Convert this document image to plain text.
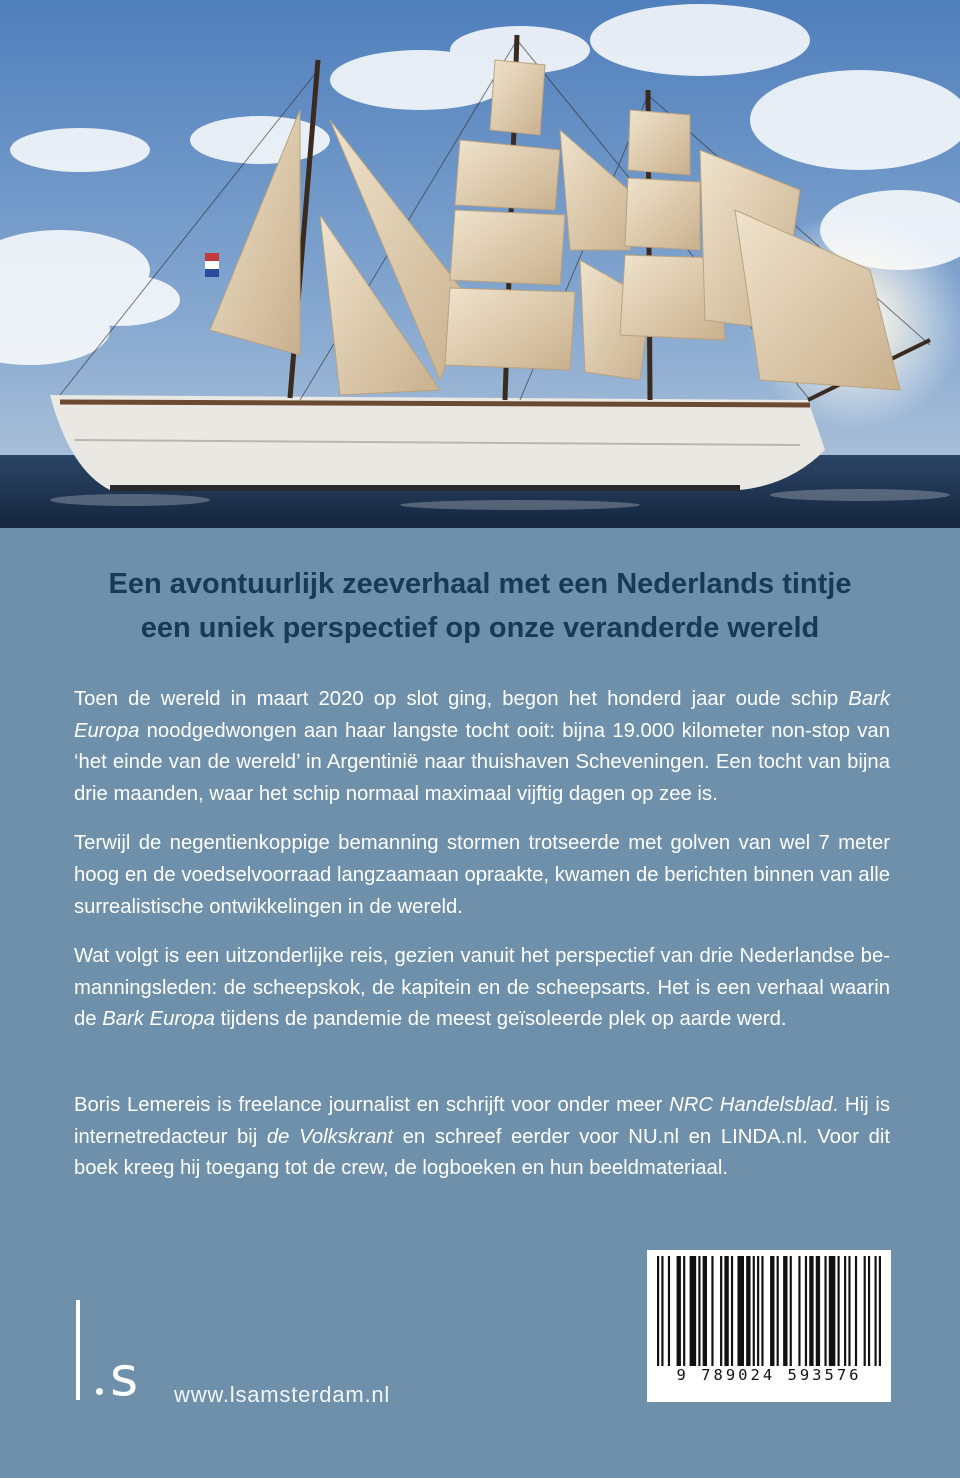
Een avontuurlijk zeeverhaal met een Nederlands tintje
een uniek perspectief op onze veranderde wereld

Toen de wereld in maart 2020 op slot ging, begon het honderd jaar oude schip Bark Europa noodgedwongen aan haar langste tocht ooit: bijna 19.000 kilometer non-stop van ‘het einde van de wereld’ in Argentinië naar thuishaven Scheveningen. Een tocht van bijna drie maanden, waar het schip normaal maximaal vijftig dagen op zee is.

Terwijl de negentienkoppige bemanning stormen trotseerde met golven van wel 7 meter hoog en de voedselvoorraad langzaamaan opraakte, kwamen de berichten binnen van alle surrealistische ontwikkelingen in de wereld.

Wat volgt is een uitzonderlijke reis, gezien vanuit het perspectief van drie Nederlandse bemanningsleden: de scheepskok, de kapitein en de scheepsarts. Het is een verhaal waarin de Bark Europa tijdens de pandemie de meest geïsoleerde plek op aarde werd.

Boris Lemereis is freelance journalist en schrijft voor onder meer NRC Handelsblad. Hij is internetredacteur bij de Volkskrant en schreef eerder voor NU.nl en LINDA.nl. Voor dit boek kreeg hij toegang tot de crew, de logboeken en hun beeldmateriaal.

9 789024 593576
s www.lsamsterdam.nl
